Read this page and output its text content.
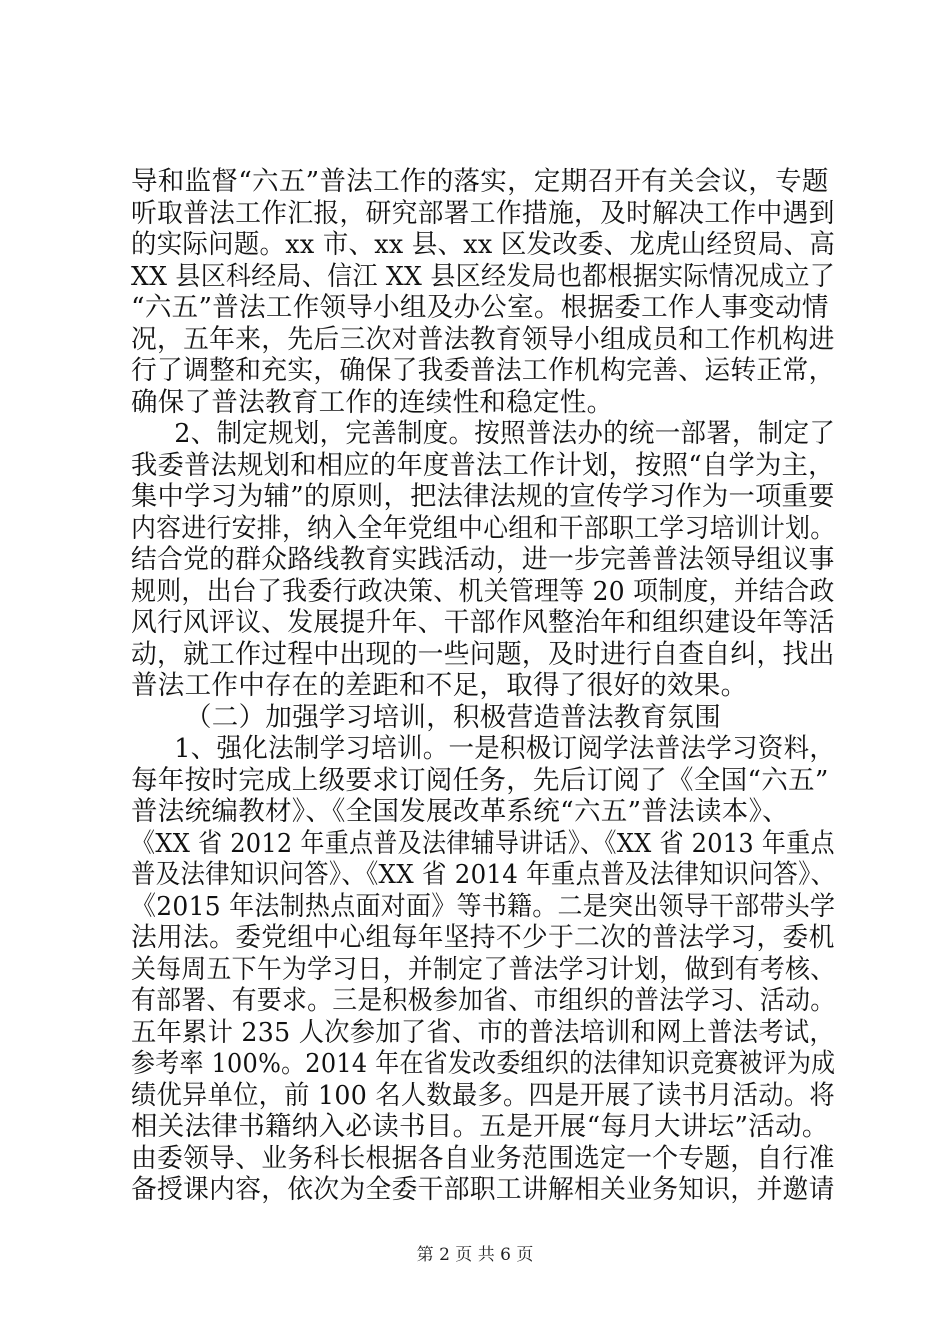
导和监督“六五”普法工作的落实，定期召开有关会议，专题
听取普法工作汇报，研究部署工作措施，及时解决工作中遇到
的实际问题。xx 市、xx 县、xx 区发改委、龙虎山经贸局、高
XX 县区科经局、信江 XX 县区经发局也都根据实际情况成立了
“六五”普法工作领导小组及办公室。根据委工作人事变动情
况，五年来，先后三次对普法教育领导小组成员和工作机构进
行了调整和充实，确保了我委普法工作机构完善、运转正常，
确保了普法教育工作的连续性和稳定性。
2、制定规划，完善制度。按照普法办的统一部署，制定了
我委普法规划和相应的年度普法工作计划，按照“自学为主，
集中学习为辅”的原则，把法律法规的宣传学习作为一项重要
内容进行安排，纳入全年党组中心组和干部职工学习培训计划。
结合党的群众路线教育实践活动，进一步完善普法领导组议事
规则，出台了我委行政决策、机关管理等 20 项制度，并结合政
风行风评议、发展提升年、干部作风整治年和组织建设年等活
动，就工作过程中出现的一些问题，及时进行自查自纠，找出
普法工作中存在的差距和不足，取得了很好的效果。
（二）加强学习培训，积极营造普法教育氛围
1、强化法制学习培训。一是积极订阅学法普法学习资料，
每年按时完成上级要求订阅任务，先后订阅了《全国“六五”
普法统编教材》、《全国发展改革系统“六五”普法读本》、
《XX 省 2012 年重点普及法律辅导讲话》、《XX 省 2013 年重点
普及法律知识问答》、《XX 省 2014 年重点普及法律知识问答》、
《2015 年法制热点面对面》等书籍。二是突出领导干部带头学
法用法。委党组中心组每年坚持不少于二次的普法学习，委机
关每周五下午为学习日，并制定了普法学习计划，做到有考核、
有部署、有要求。三是积极参加省、市组织的普法学习、活动。
五年累计 235 人次参加了省、市的普法培训和网上普法考试，
参考率 100%。2014 年在省发改委组织的法律知识竞赛被评为成
绩优异单位，前 100 名人数最多。四是开展了读书月活动。将
相关法律书籍纳入必读书目。五是开展“每月大讲坛”活动。
由委领导、业务科长根据各自业务范围选定一个专题，自行准
备授课内容，依次为全委干部职工讲解相关业务知识，并邀请
第 2 页 共 6 页
